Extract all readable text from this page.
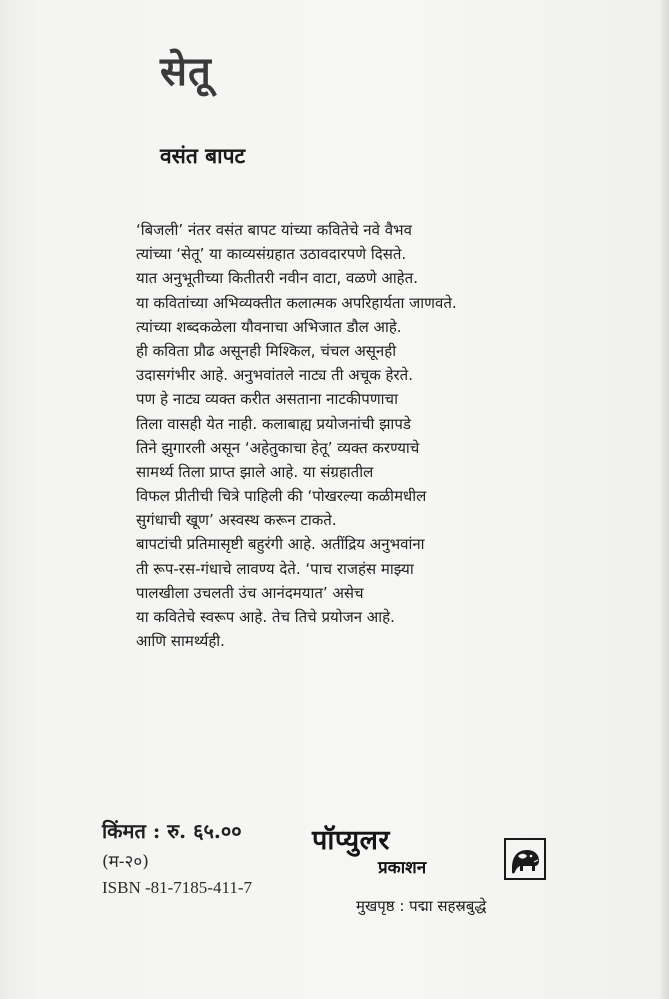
सेतू
वसंत बापट
‘बिजली’ नंतर वसंत बापट यांच्या कवितेचे नवे वैभव
त्यांच्या ‘सेतू’ या काव्यसंग्रहात उठावदारपणे दिसते.
यात अनुभूतीच्या कितीतरी नवीन वाटा, वळणे आहेत.
या कवितांच्या अभिव्यक्तीत कलात्मक अपरिहार्यता जाणवते.
त्यांच्या शब्दकळेला यौवनाचा अभिजात डौल आहे.
ही कविता प्रौढ असूनही मिश्किल, चंचल असूनही
उदासगंभीर आहे. अनुभवांतले नाट्य ती अचूक हेरते.
पण हे नाट्य व्यक्त करीत असताना नाटकीपणाचा
तिला वासही येत नाही. कलाबाह्य प्रयोजनांची झापडे
तिने झुगारली असून ‘अहेतुकाचा हेतू’ व्यक्त करण्याचे
सामर्थ्य तिला प्राप्त झाले आहे. या संग्रहातील
विफल प्रीतीची चित्रे पाहिली की ‘पोखरल्या कळीमधील
सुगंधाची खूण’ अस्वस्थ करून टाकते.
बापटांची प्रतिमासृष्टी बहुरंगी आहे. अतींद्रिय अनुभवांना
ती रूप-रस-गंधाचे लावण्य देते. ‘पाच राजहंस माझ्या
पालखीला उचलती उंच आनंदमयात’ असेच
या कवितेचे स्वरूप आहे. तेच तिचे प्रयोजन आहे.
आणि सामर्थ्यही.
किंमत : रु. ६५.००
(म-२०)
ISBN -81-7185-411-7
पॉप्युलर
प्रकाशन
मुखपृष्ठ : पद्मा सहस्रबुद्धे
